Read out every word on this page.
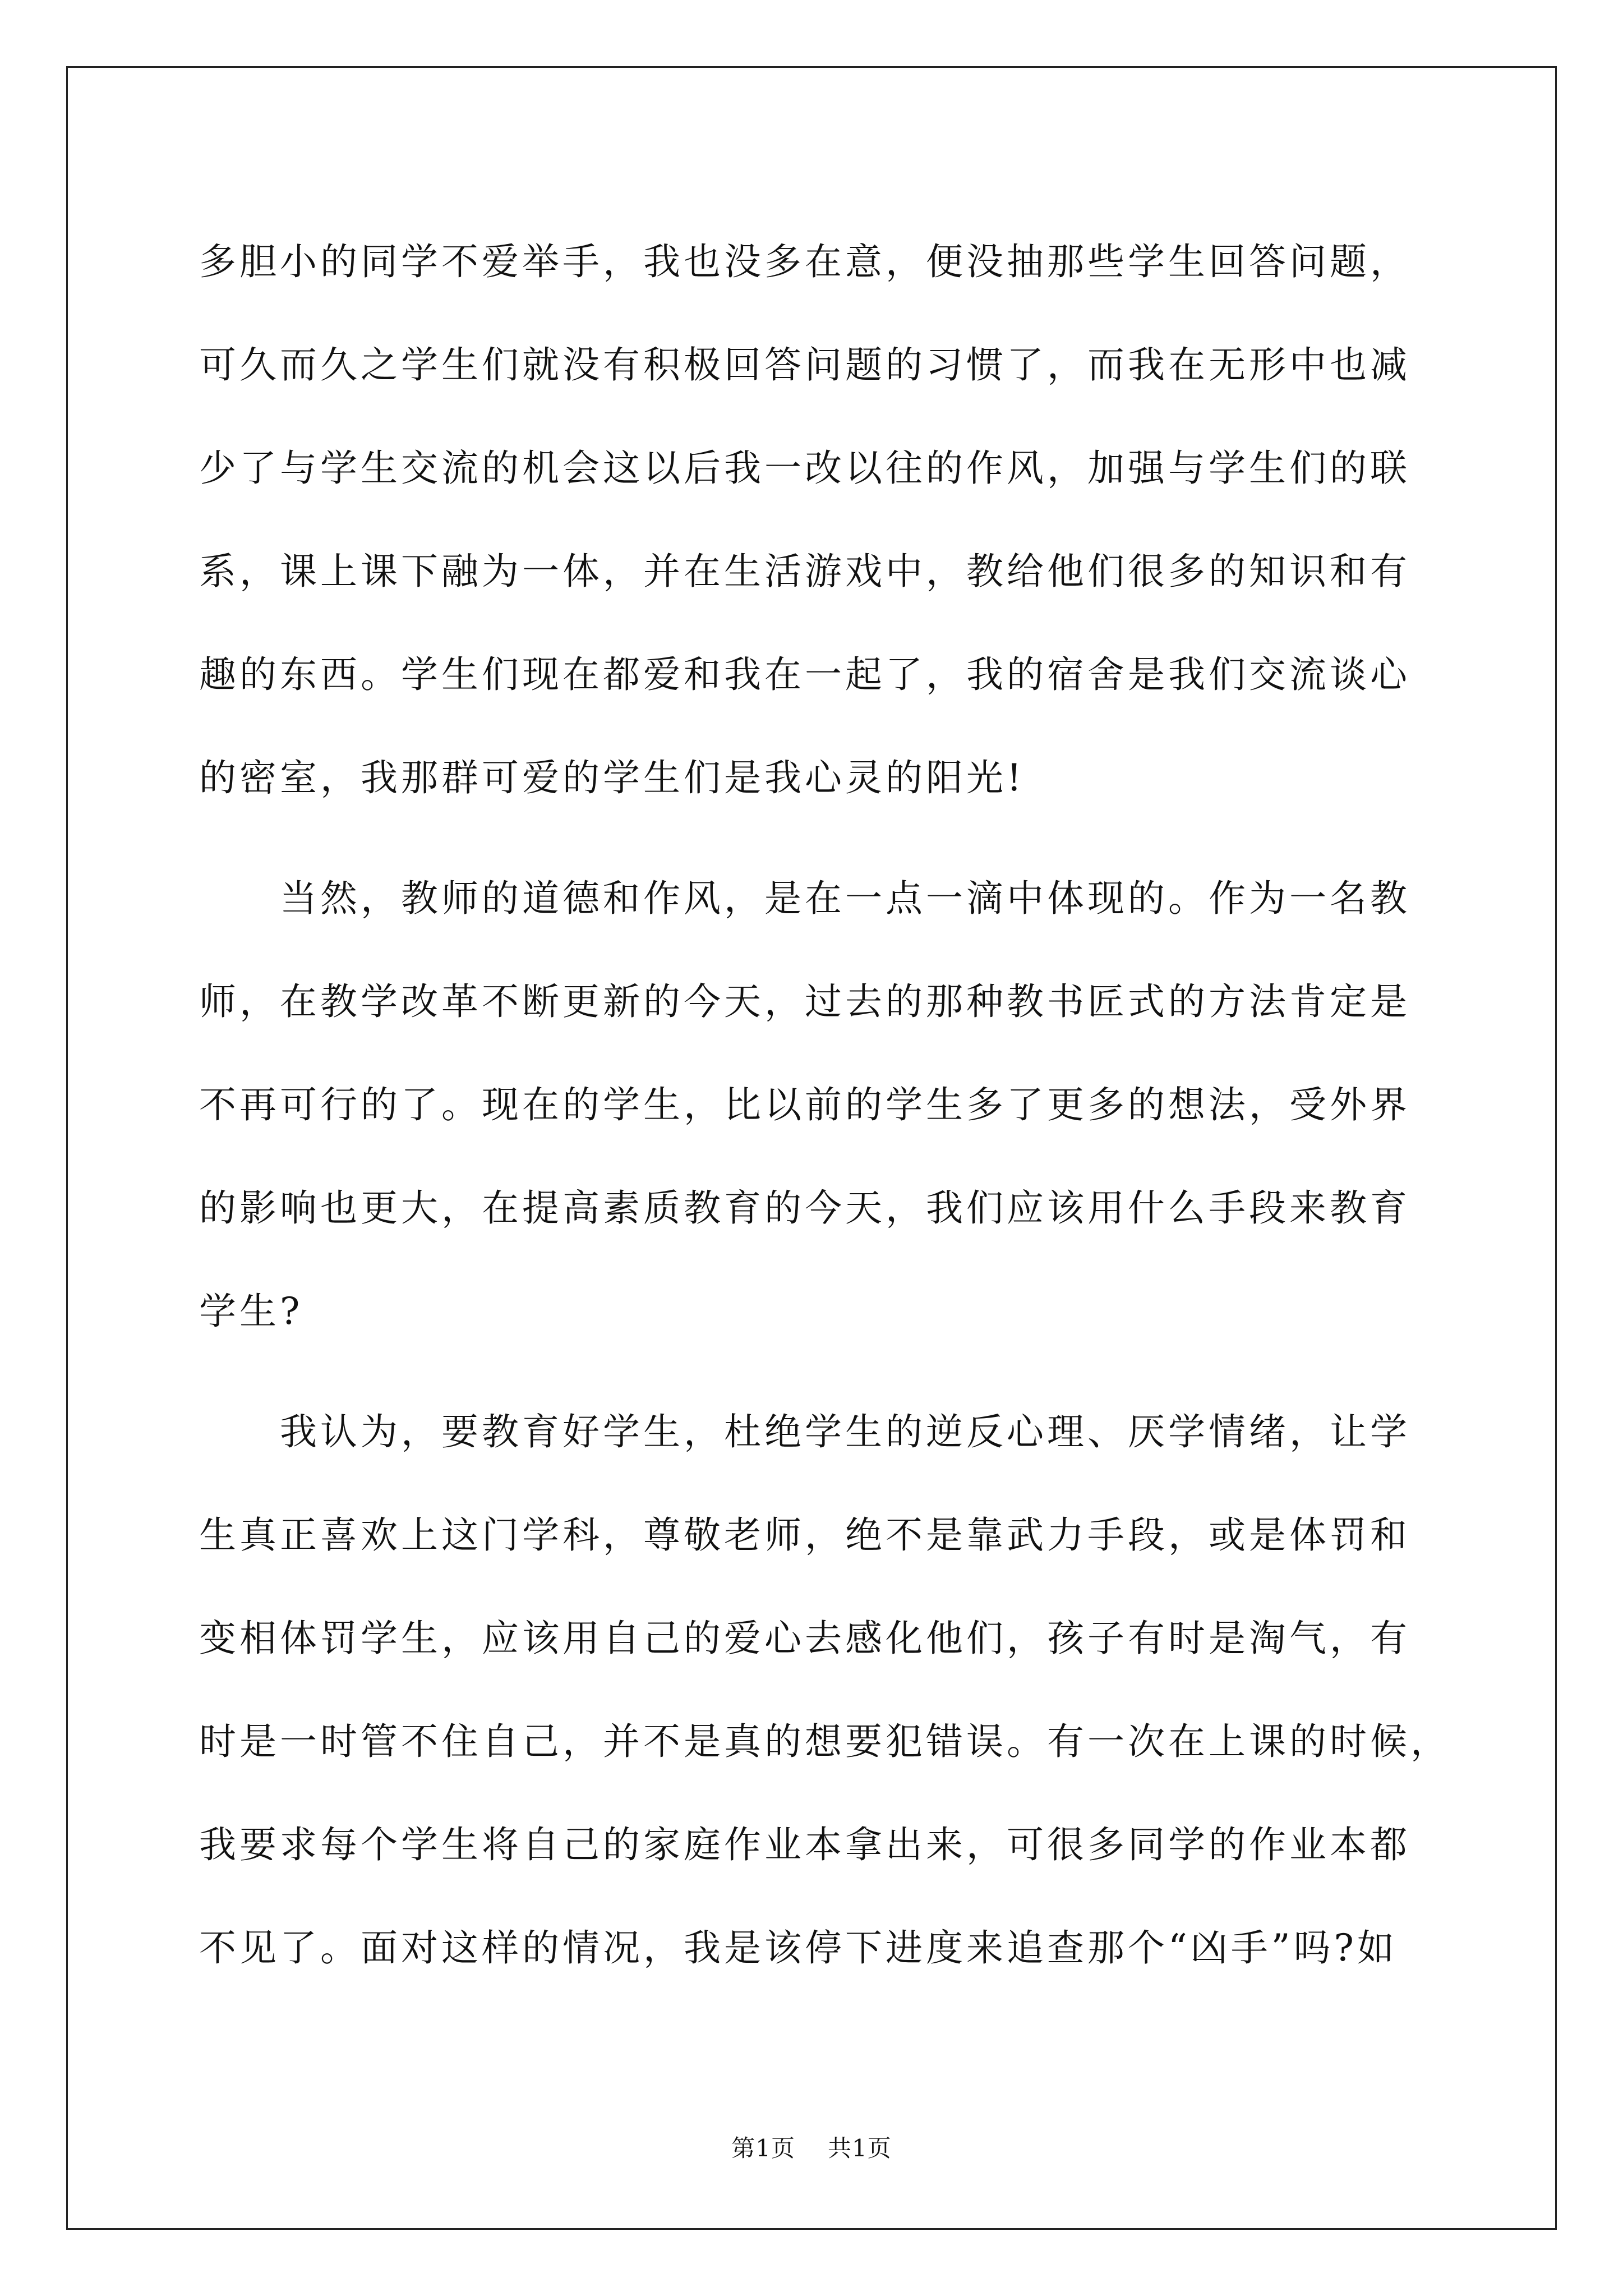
多胆小的同学不爱举手，我也没多在意，便没抽那些学生回答问题，
可久而久之学生们就没有积极回答问题的习惯了，而我在无形中也减
少了与学生交流的机会这以后我一改以往的作风，加强与学生们的联
系，课上课下融为一体，并在生活游戏中，教给他们很多的知识和有
趣的东西。学生们现在都爱和我在一起了，我的宿舍是我们交流谈心
的密室，我那群可爱的学生们是我心灵的阳光!
当然，教师的道德和作风，是在一点一滴中体现的。作为一名教
师，在教学改革不断更新的今天，过去的那种教书匠式的方法肯定是
不再可行的了。现在的学生，比以前的学生多了更多的想法，受外界
的影响也更大，在提高素质教育的今天，我们应该用什么手段来教育
学生?
我认为，要教育好学生，杜绝学生的逆反心理、厌学情绪，让学
生真正喜欢上这门学科，尊敬老师，绝不是靠武力手段，或是体罚和
变相体罚学生，应该用自己的爱心去感化他们，孩子有时是淘气，有
时是一时管不住自己，并不是真的想要犯错误。有一次在上课的时候，
我要求每个学生将自己的家庭作业本拿出来，可很多同学的作业本都
不见了。面对这样的情况，我是该停下进度来追查那个“凶手”吗?如
第1页 共1页
